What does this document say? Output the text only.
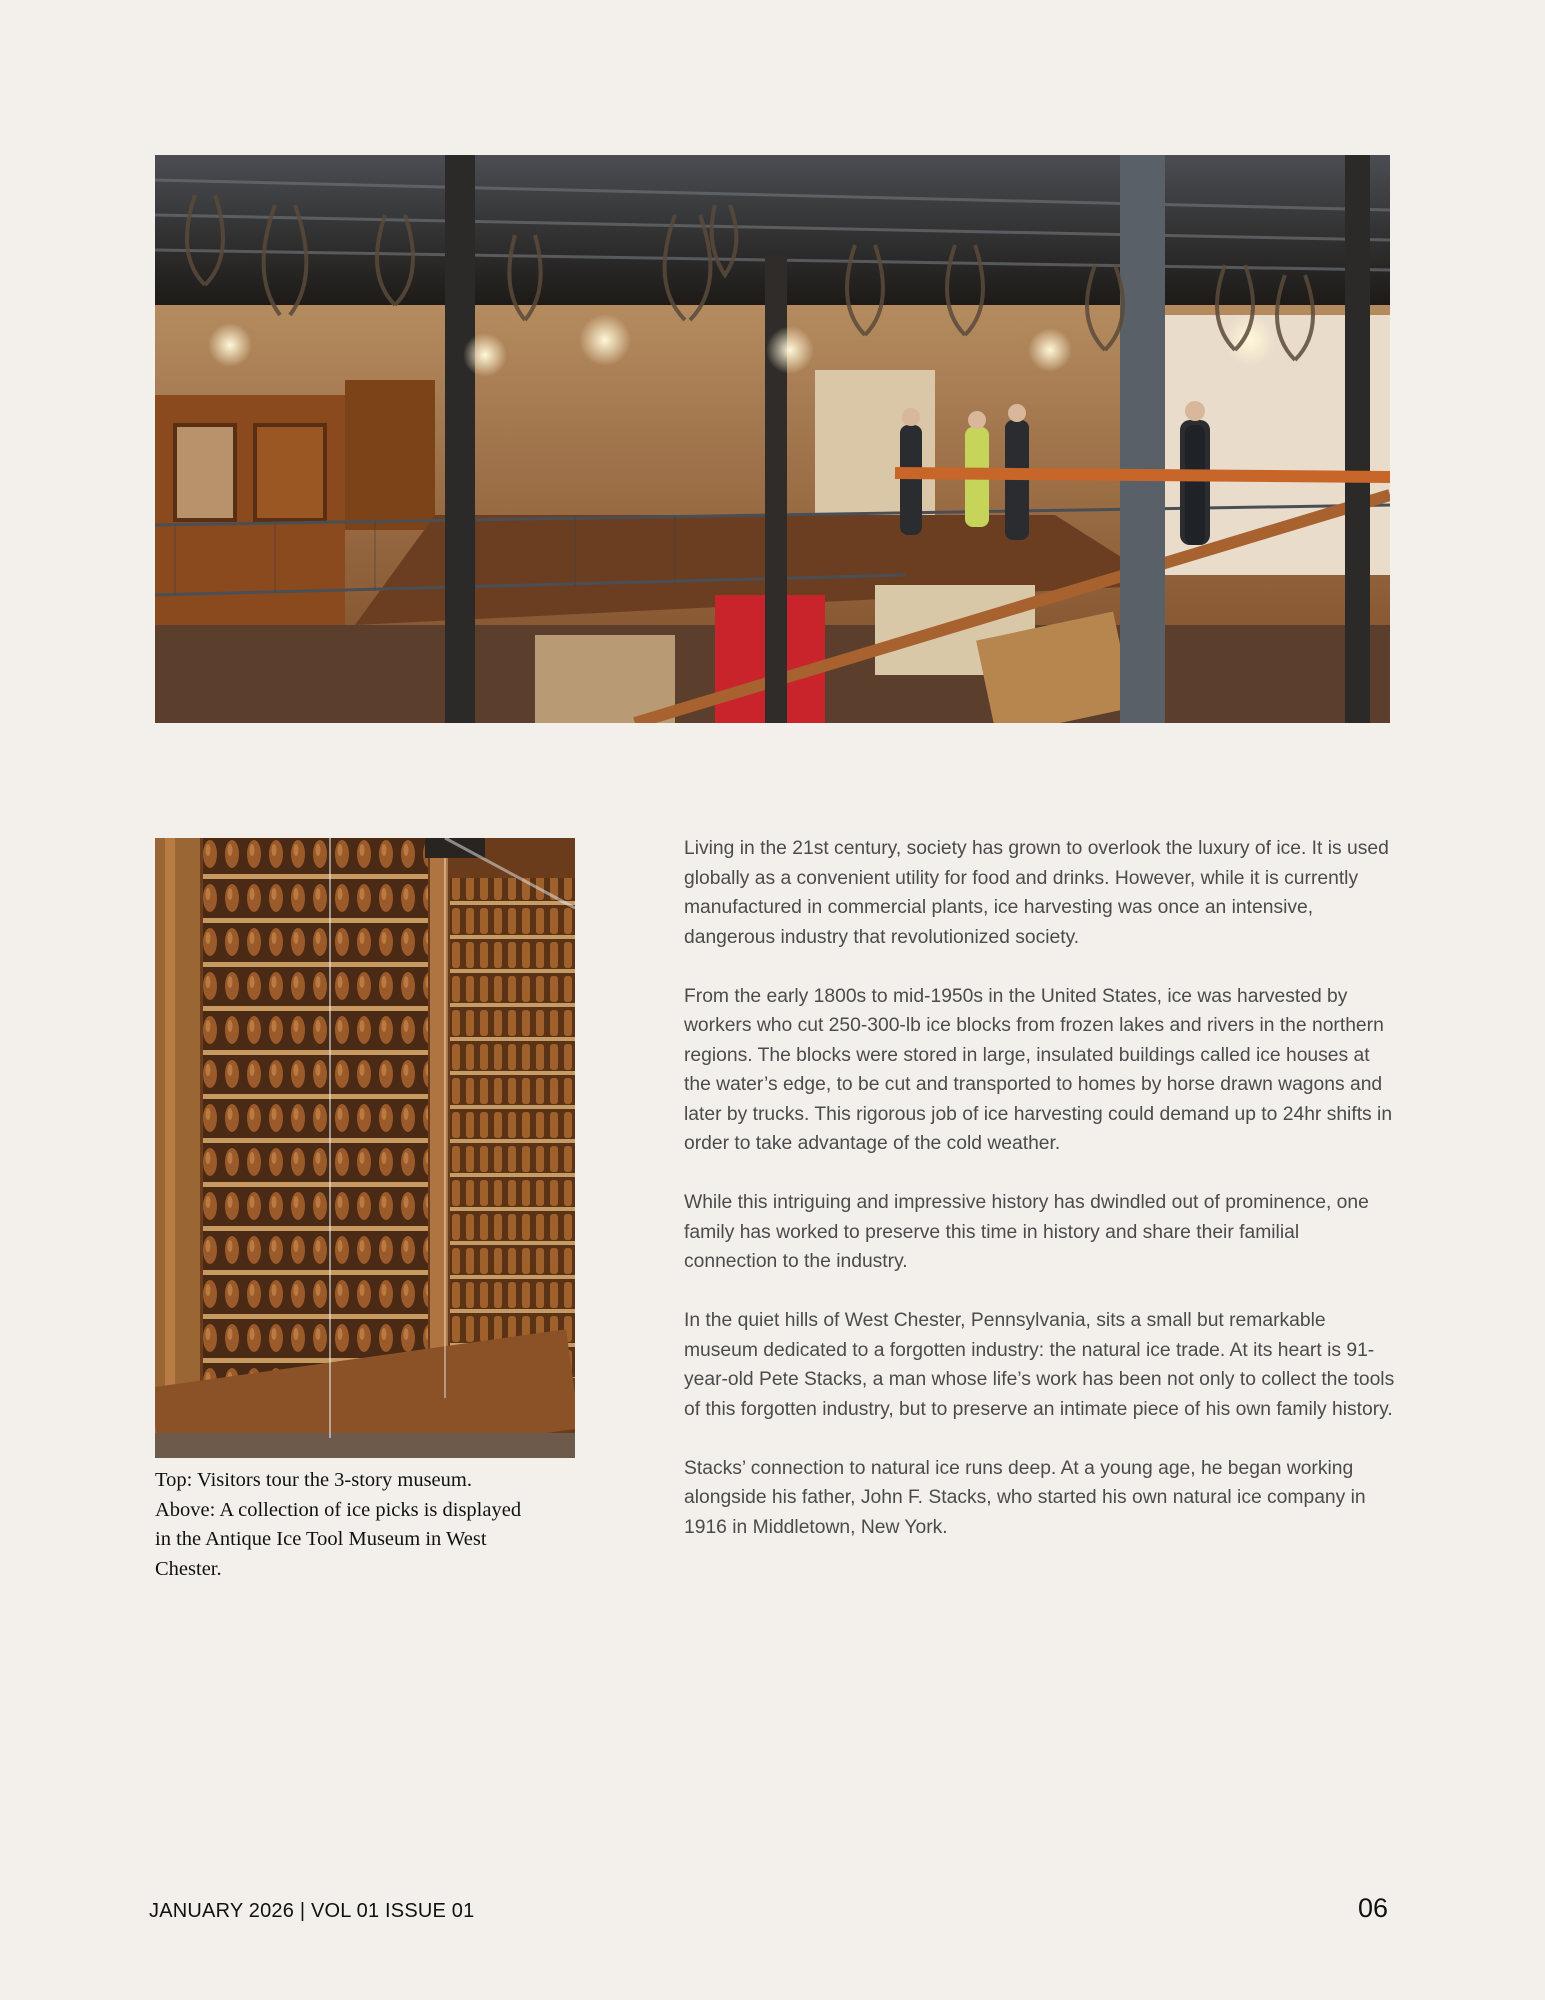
Top: Visitors tour the 3-story museum.
Above: A collection of ice picks is displayed
in the Antique Ice Tool Museum in West
Chester.

Living in the 21st century, society has grown to overlook the luxury of ice. It is used globally as a convenient utility for food and drinks. However, while it is currently manufactured in commercial plants, ice harvesting was once an intensive, dangerous industry that revolutionized society.

From the early 1800s to mid-1950s in the United States, ice was harvested by workers who cut 250-300-lb ice blocks from frozen lakes and rivers in the northern regions. The blocks were stored in large, insulated buildings called ice houses at the water’s edge, to be cut and transported to homes by horse drawn wagons and later by trucks. This rigorous job of ice harvesting could demand up to 24hr shifts in order to take advantage of the cold weather.

While this intriguing and impressive history has dwindled out of prominence, one family has worked to preserve this time in history and share their familial connection to the industry.

In the quiet hills of West Chester, Pennsylvania, sits a small but remarkable museum dedicated to a forgotten industry: the natural ice trade. At its heart is 91-year-old Pete Stacks, a man whose life’s work has been not only to collect the tools of this forgotten industry, but to preserve an intimate piece of his own family history.

Stacks’ connection to natural ice runs deep. At a young age, he began working alongside his father, John F. Stacks, who started his own natural ice company in 1916 in Middletown, New York.

JANUARY 2026 | VOL 01 ISSUE 01	06
